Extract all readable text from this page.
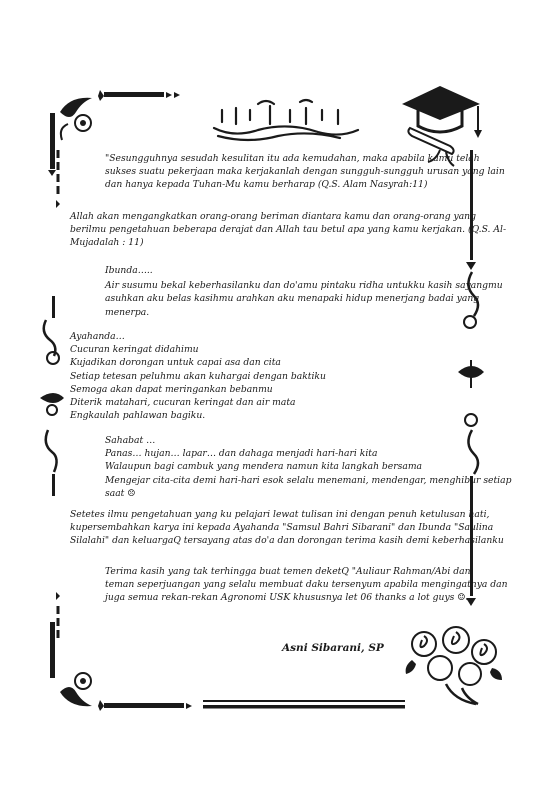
"Sesungguhnya sesudah kesulitan itu ada kemudahan, maka apabila kamu telah
sukses suatu pekerjaan maka kerjakanlah dengan sungguh-sungguh urusan yang lain
dan hanya kepada Tuhan-Mu kamu berharap (Q.S. Alam Nasyrah:11)
Allah akan mengangkatkan orang-orang beriman diantara kamu dan orang-orang yang
berilmu pengetahuan beberapa derajat dan Allah tau betul apa yang kamu kerjakan. (Q.S. Al-
Mujadalah : 11)
Ibunda…..
Air susumu bekal keberhasilanku dan do'amu pintaku ridha untukku kasih sayangmu
asuhkan aku belas kasihmu arahkan aku menapaki hidup menerjang badai yang
menerpa.
Ayahanda…
Cucuran keringat didahimu
Kujadikan dorongan untuk capai asa dan cita
Setiap tetesan peluhmu akan kuhargai dengan baktiku
Semoga akan dapat meringankan bebanmu
Diterik matahari, cucuran keringat dan air mata
Engkaulah pahlawan bagiku.
Sahabat …
Panas… hujan… lapar… dan dahaga menjadi hari-hari kita
Walaupun bagi cambuk yang mendera namun kita langkah bersama
Mengejar cita-cita demi hari-hari esok selalu menemani, mendengar, menghibur setiap
saat ☹
Setetes ilmu pengetahuan yang ku pelajari lewat tulisan ini dengan penuh ketulusan hati,
kupersembahkan karya ini kepada Ayahanda "Samsul Bahri Sibarani" dan Ibunda "Saulina
Silalahi" dan keluargaQ tersayang atas do'a dan dorongan terima kasih demi keberhasilanku
Terima kasih yang tak terhingga buat temen deketQ "Auliaur Rahman/Abi dan
teman seperjuangan yang selalu membuat daku tersenyum apabila mengingatnya dan
juga semua rekan-rekan Agronomi USK khususnya let 06 thanks a lot guys ☺.
Asni Sibarani, SP
